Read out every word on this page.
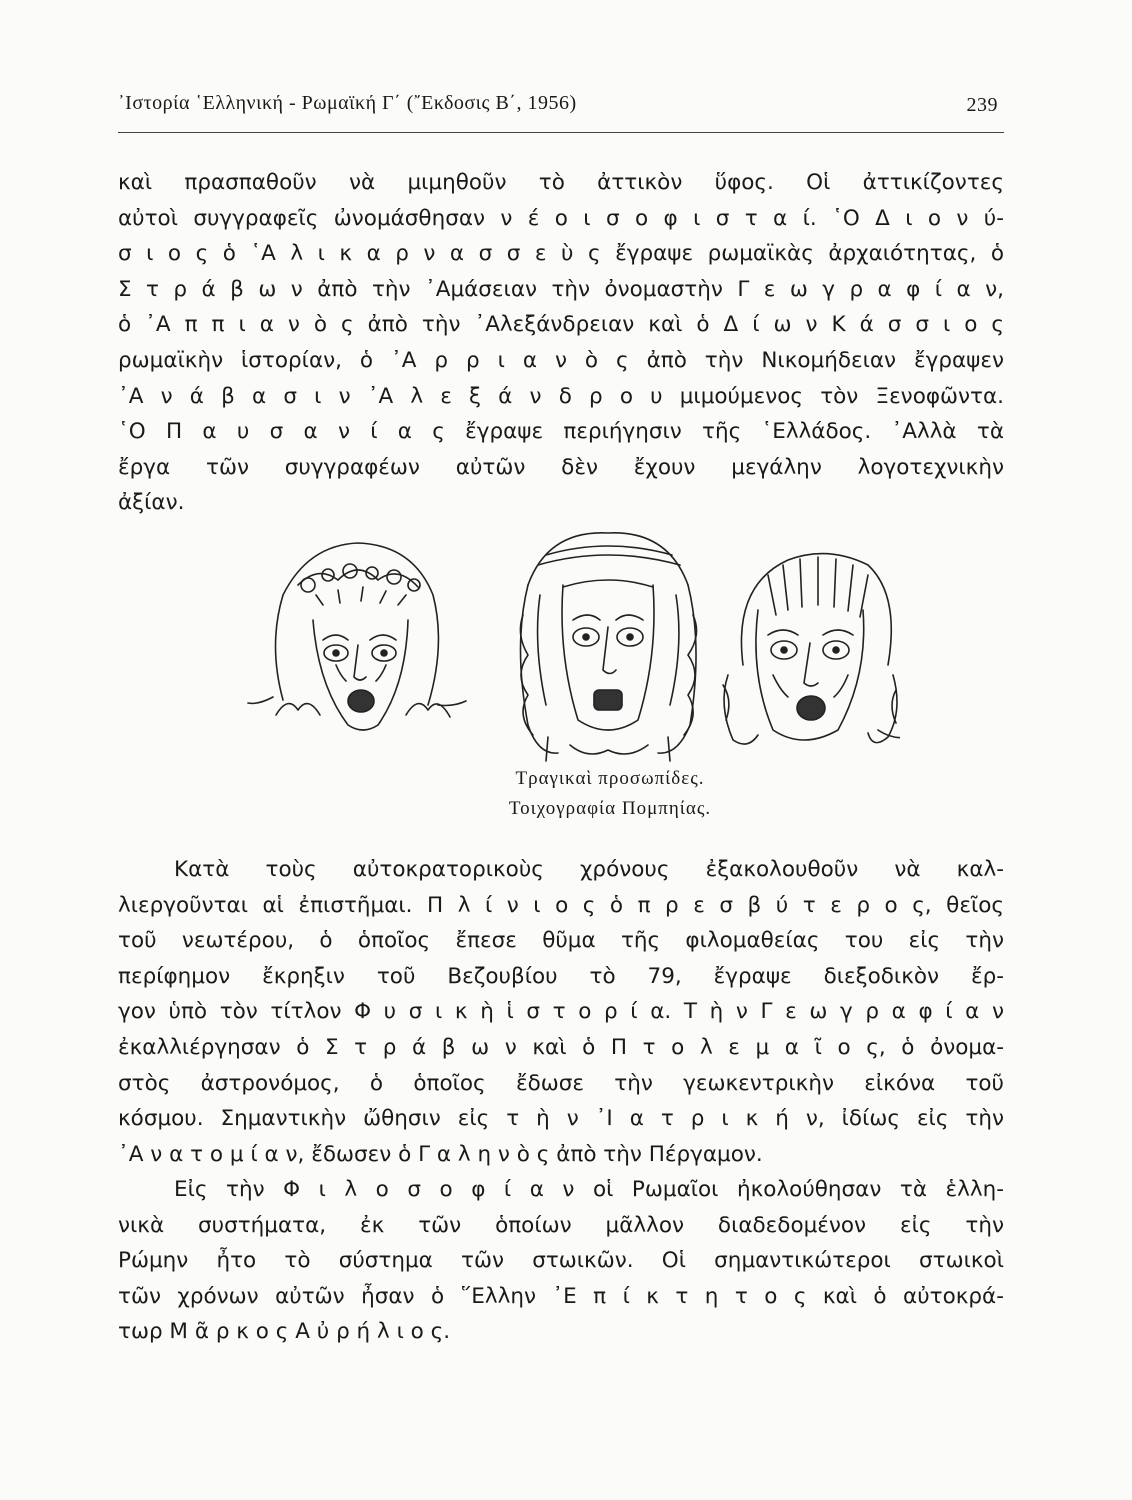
᾿Ιστορία ῾Ελληνική - Ρωμαϊκή Γ΄ (῎Εκδοσις Β΄, 1956)	239
καὶ πρασπαθοῦν νὰ μιμηθοῦν τὸ ἀττικὸν ὕφος. Οἱ ἀττικίζοντες
αὐτοὶ συγγραφεῖς ὠνομάσθησαν ν έ ο ι σ ο φ ι σ τ α ί. ῾Ο Δ ι ο ν ύ-
σ ι ο ς ὁ ῾Α λ ι κ α ρ ν α σ σ ε ὺ ς ἔγραψε ρωμαϊκὰς ἀρχαιότητας, ὁ
Σ τ ρ ά β ω ν ἀπὸ τὴν ᾿Αμάσειαν τὴν ὀνομαστὴν Γ ε ω γ ρ α φ ί α ν,
ὁ ᾿Α π π ι α ν ὸ ς ἀπὸ τὴν ᾿Αλεξάνδρειαν καὶ ὁ Δ ί ω ν Κ ά σ σ ι ο ς
ρωμαϊκὴν ἱστορίαν, ὁ ᾿Α ρ ρ ι α ν ὸ ς ἀπὸ τὴν Νικομήδειαν ἔγραψεν
᾿Α ν ά β α σ ι ν ᾿Α λ ε ξ ά ν δ ρ ο υ μιμούμενος τὸν Ξενοφῶντα.
῾Ο Π α υ σ α ν ί α ς ἔγραψε περιήγησιν τῆς ῾Ελλάδος. ᾿Αλλὰ τὰ
ἔργα τῶν συγγραφέων αὐτῶν δὲν ἔχουν μεγάλην λογοτεχνικὴν
ἀξίαν.
Τραγικαὶ προσωπίδες.
Τοιχογραφία Πομπηίας.
Κατὰ τοὺς αὐτοκρατορικοὺς χρόνους ἐξακολουθοῦν νὰ καλ-
λιεργοῦνται αἱ ἐπιστῆμαι. Π λ ί ν ι ο ς ὁ π ρ ε σ β ύ τ ε ρ ο ς, θεῖος
τοῦ νεωτέρου, ὁ ὁποῖος ἔπεσε θῦμα τῆς φιλομαθείας του εἰς τὴν
περίφημον ἔκρηξιν τοῦ Βεζουβίου τὸ 79, ἔγραψε διεξοδικὸν ἔρ-
γον ὑπὸ τὸν τίτλον Φ υ σ ι κ ὴ ἱ σ τ ο ρ ί α. Τ ὴ ν Γ ε ω γ ρ α φ ί α ν
ἐκαλλιέργησαν ὁ Σ τ ρ ά β ω ν καὶ ὁ Π τ ο λ ε μ α ῖ ο ς, ὁ ὀνομα-
στὸς ἀστρονόμος, ὁ ὁποῖος ἔδωσε τὴν γεωκεντρικὴν εἰκόνα τοῦ
κόσμου. Σημαντικὴν ὤθησιν εἰς τ ὴ ν ᾿Ι α τ ρ ι κ ή ν, ἰδίως εἰς τὴν
᾿Α ν α τ ο μ ί α ν, ἔδωσεν ὁ Γ α λ η ν ὸ ς ἀπὸ τὴν Πέργαμον.
Εἰς τὴν Φ ι λ ο σ ο φ ί α ν οἱ Ρωμαῖοι ἠκολούθησαν τὰ ἑλλη-
νικὰ συστήματα, ἐκ τῶν ὁποίων μᾶλλον διαδεδομένον εἰς τὴν
Ρώμην ἦτο τὸ σύστημα τῶν στωικῶν. Οἱ σημαντικώτεροι στωικοὶ
τῶν χρόνων αὐτῶν ἦσαν ὁ ῞Ελλην ᾿Ε π ί κ τ η τ ο ς καὶ ὁ αὐτοκρά-
τωρ Μ ᾶ ρ κ ο ς Α ὐ ρ ή λ ι ο ς.
